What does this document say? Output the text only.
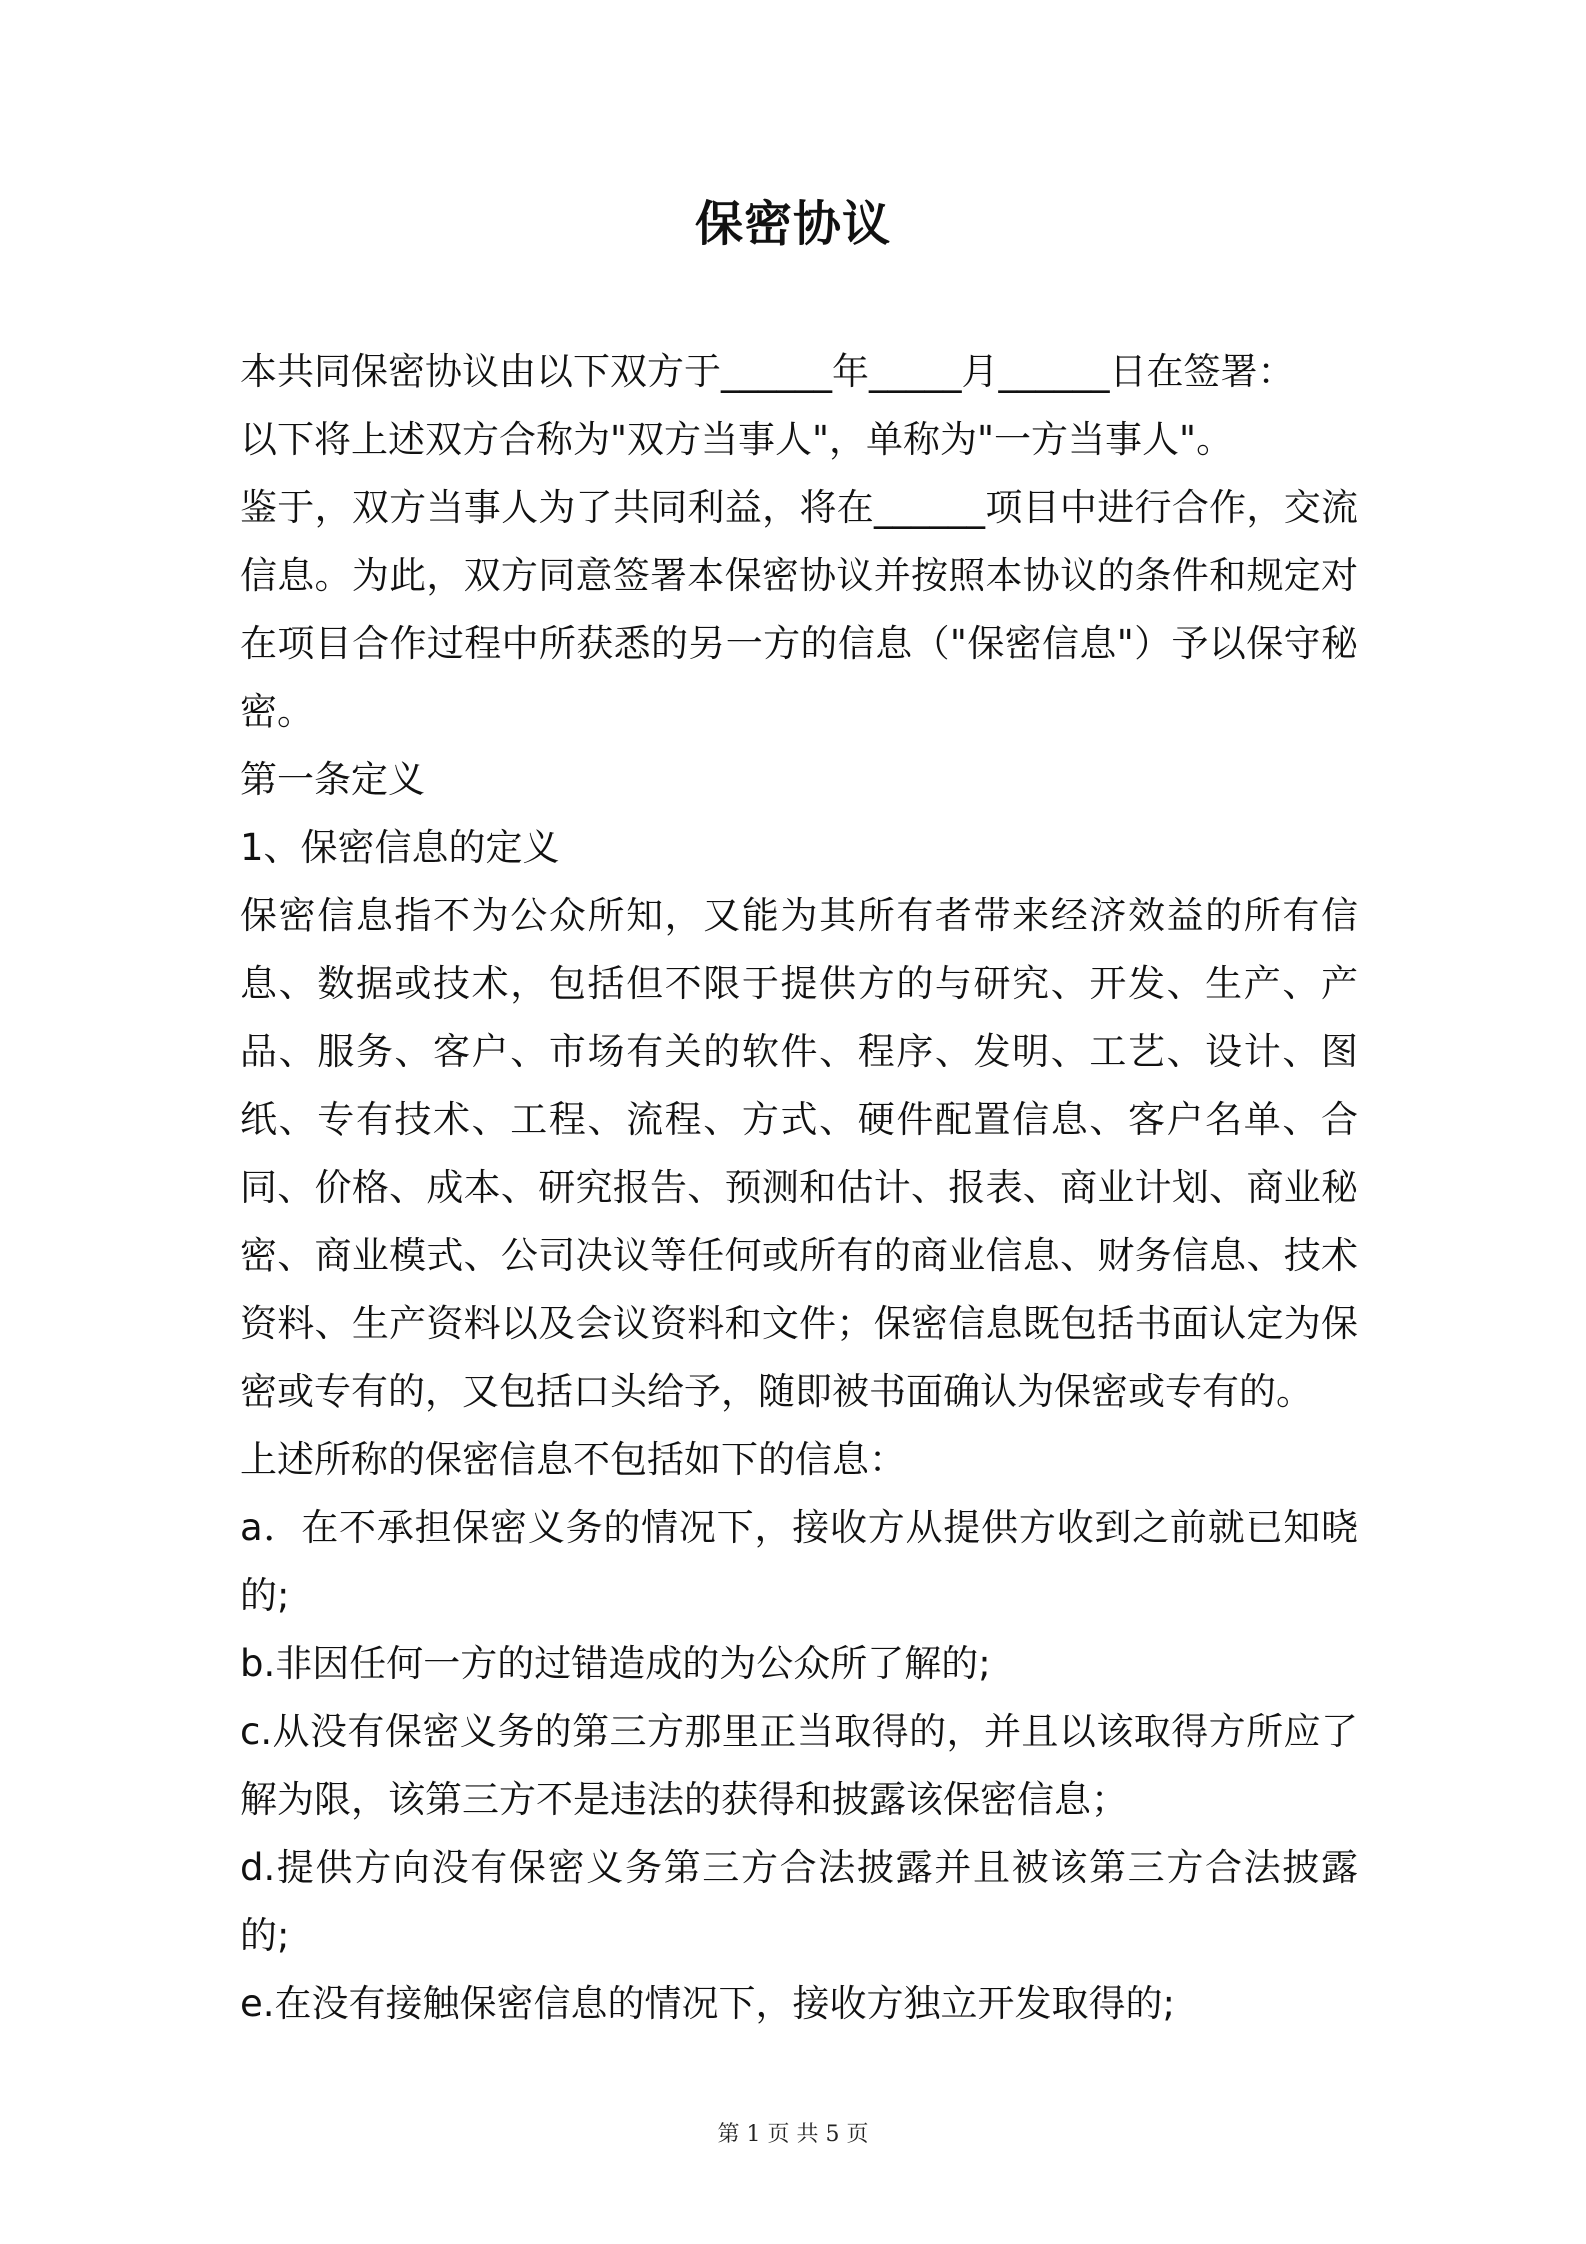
保密协议

本共同保密协议由以下双方于______年_____月______日在签署：

以下将上述双方合称为"双方当事人"，单称为"一方当事人"。

鉴于，双方当事人为了共同利益，将在______项目中进行合作，交流信息。为此，双方同意签署本保密协议并按照本协议的条件和规定对在项目合作过程中所获悉的另一方的信息（"保密信息"）予以保守秘密。

第一条定义

1、保密信息的定义

保密信息指不为公众所知，又能为其所有者带来经济效益的所有信息、数据或技术，包括但不限于提供方的与研究、开发、生产、产品、服务、客户、市场有关的软件、程序、发明、工艺、设计、图纸、专有技术、工程、流程、方式、硬件配置信息、客户名单、合同、价格、成本、研究报告、预测和估计、报表、商业计划、商业秘密、商业模式、公司决议等任何或所有的商业信息、财务信息、技术资料、生产资料以及会议资料和文件；保密信息既包括书面认定为保密或专有的，又包括口头给予，随即被书面确认为保密或专有的。

上述所称的保密信息不包括如下的信息：

a．在不承担保密义务的情况下，接收方从提供方收到之前就已知晓的;

b.非因任何一方的过错造成的为公众所了解的;

c.从没有保密义务的第三方那里正当取得的，并且以该取得方所应了解为限，该第三方不是违法的获得和披露该保密信息；

d.提供方向没有保密义务第三方合法披露并且被该第三方合法披露的;

e.在没有接触保密信息的情况下，接收方独立开发取得的;

第 1 页 共 5 页
